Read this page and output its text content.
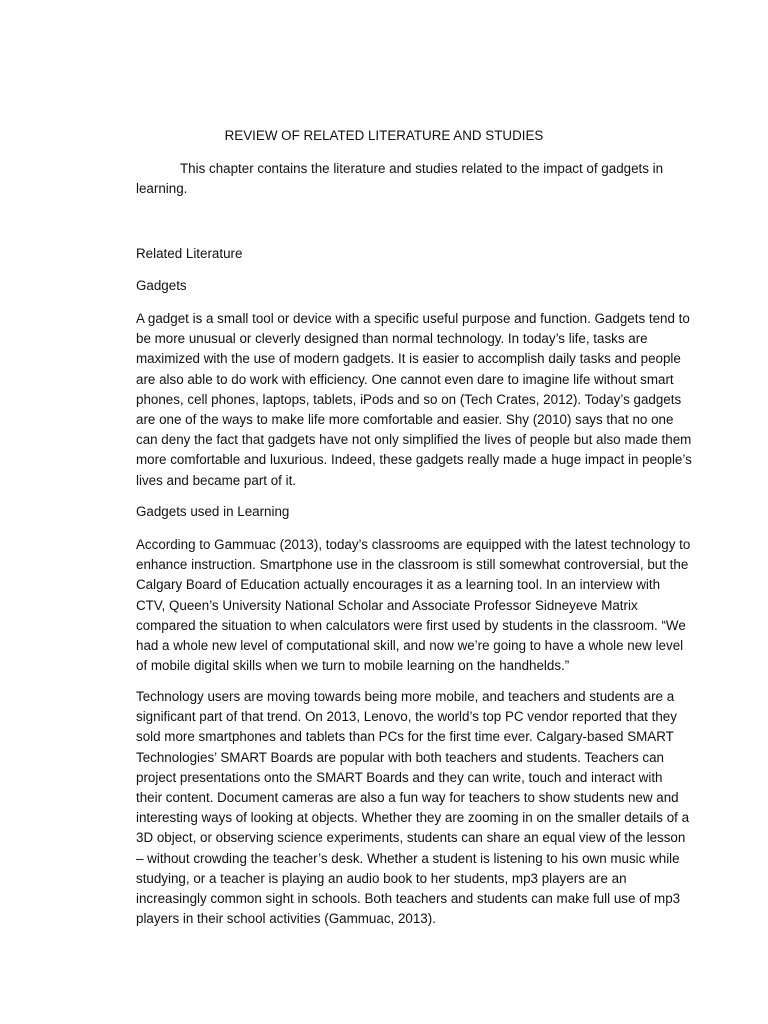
REVIEW OF RELATED LITERATURE AND STUDIES
This chapter contains the literature and studies related to the impact of gadgets in learning.
Related Literature
Gadgets
A gadget is a small tool or device with a specific useful purpose and function. Gadgets tend to be more unusual or cleverly designed than normal technology. In today’s life, tasks are maximized with the use of modern gadgets. It is easier to accomplish daily tasks and people are also able to do work with efficiency. One cannot even dare to imagine life without smart phones, cell phones, laptops, tablets, iPods and so on (Tech Crates, 2012). Today’s gadgets are one of the ways to make life more comfortable and easier. Shy (2010) says that no one can deny the fact that gadgets have not only simplified the lives of people but also made them more comfortable and luxurious. Indeed, these gadgets really made a huge impact in people’s lives and became part of it.
Gadgets used in Learning
According to Gammuac (2013), today’s classrooms are equipped with the latest technology to enhance instruction. Smartphone use in the classroom is still somewhat controversial, but the Calgary Board of Education actually encourages it as a learning tool. In an interview with CTV, Queen’s University National Scholar and Associate Professor Sidneyeve Matrix compared the situation to when calculators were first used by students in the classroom. “We had a whole new level of computational skill, and now we’re going to have a whole new level of mobile digital skills when we turn to mobile learning on the handhelds.”
Technology users are moving towards being more mobile, and teachers and students are a significant part of that trend. On 2013, Lenovo, the world’s top PC vendor reported that they sold more smartphones and tablets than PCs for the first time ever. Calgary-based SMART Technologies’ SMART Boards are popular with both teachers and students. Teachers can project presentations onto the SMART Boards and they can write, touch and interact with their content. Document cameras are also a fun way for teachers to show students new and interesting ways of looking at objects. Whether they are zooming in on the smaller details of a 3D object, or observing science experiments, students can share an equal view of the lesson – without crowding the teacher’s desk. Whether a student is listening to his own music while studying, or a teacher is playing an audio book to her students, mp3 players are an increasingly common sight in schools. Both teachers and students can make full use of mp3 players in their school activities (Gammuac, 2013).
